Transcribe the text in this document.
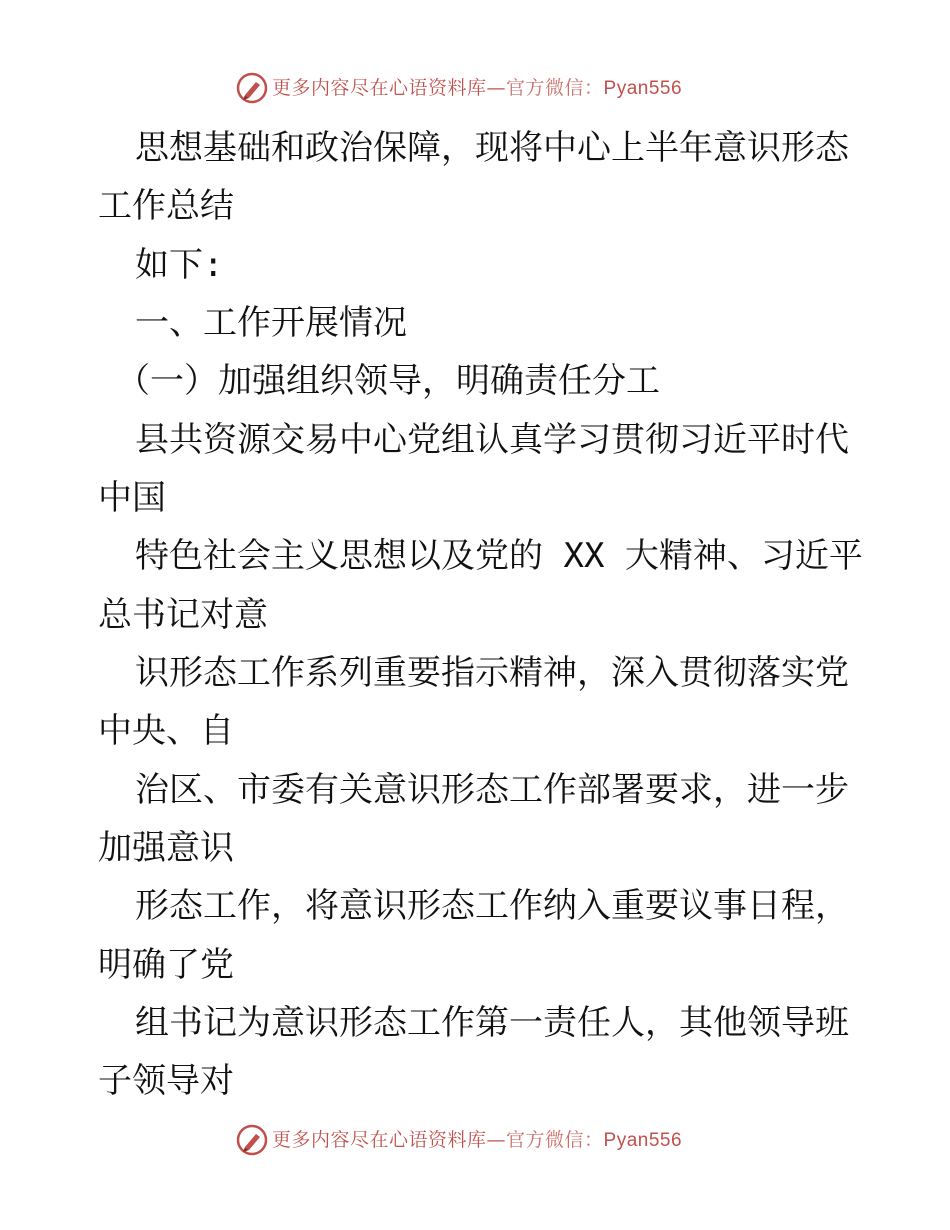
更多内容尽在心语资料库—官方微信：Pyan556
思想基础和政治保障，现将中心上半年意识形态
工作总结
如下:
一、工作开展情况
（一）加强组织领导，明确责任分工
县共资源交易中心党组认真学习贯彻习近平时代
中国
特色社会主义思想以及党的 XX 大精神、习近平
总书记对意
识形态工作系列重要指示精神，深入贯彻落实党
中央、自
治区、市委有关意识形态工作部署要求，进一步
加强意识
形态工作，将意识形态工作纳入重要议事日程，
明确了党
组书记为意识形态工作第一责任人，其他领导班
子领导对
更多内容尽在心语资料库—官方微信：Pyan556
